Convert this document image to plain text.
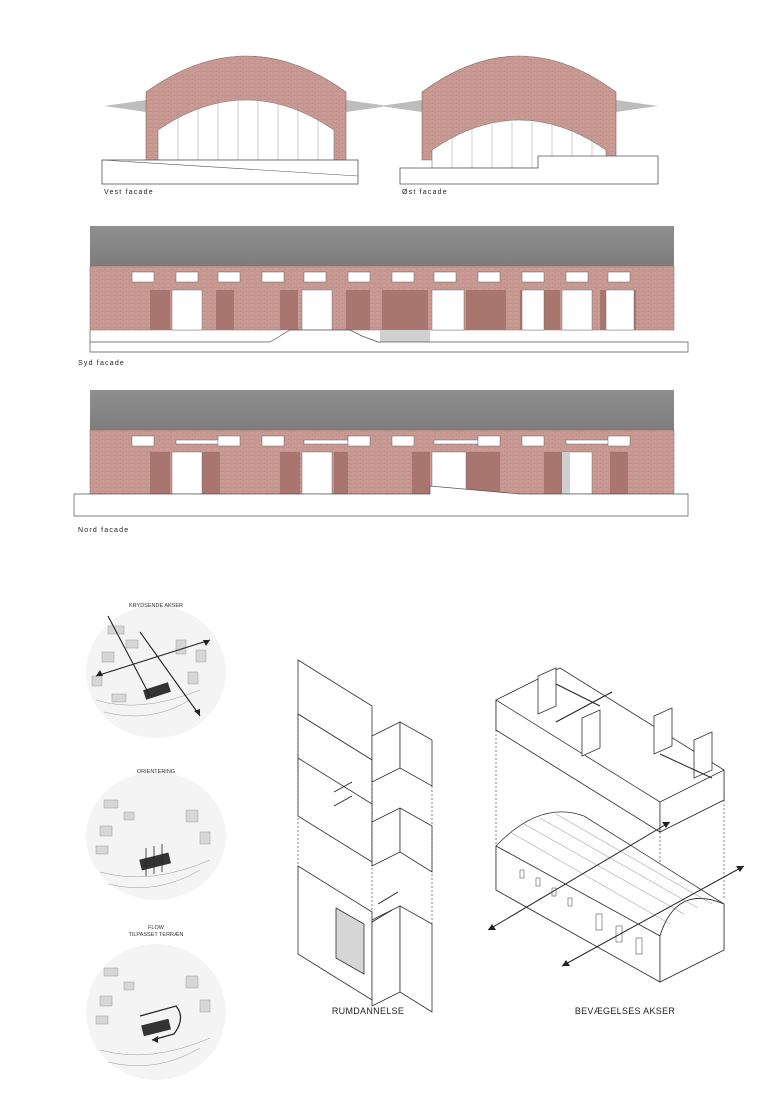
Vest facade	Øst facade
Syd facade
Nord facade
KRYDSENDE AKSER
ORIENTERING
FLOW
TILPASSET TERRÆN
RUMDANNELSE	BEVÆGELSES AKSER
